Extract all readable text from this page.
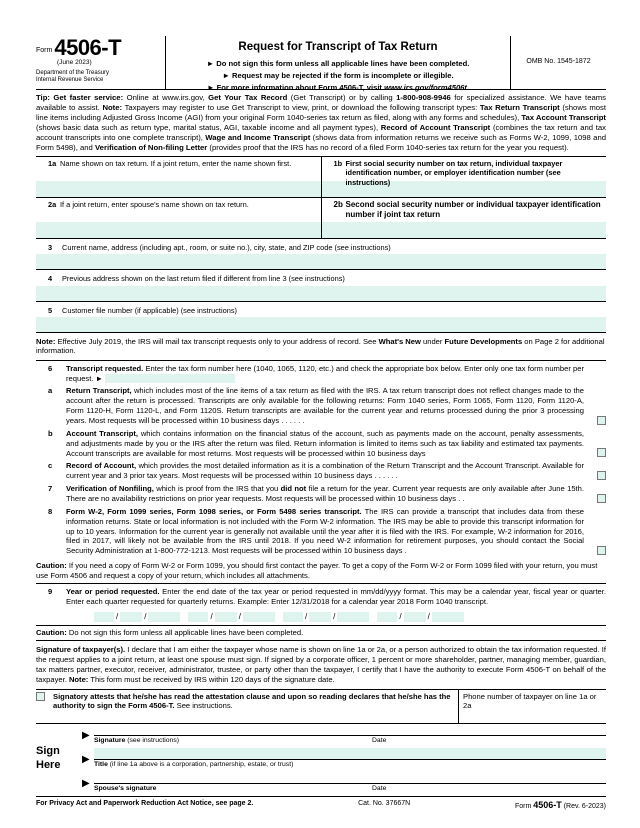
Form 4506-T
(June 2023)
Department of the Treasury
Internal Revenue Service
Request for Transcript of Tax Return
► Do not sign this form unless all applicable lines have been completed.
► Request may be rejected if the form is incomplete or illegible.
► For more information about Form 4506-T, visit www.irs.gov/form4506t.
OMB No. 1545-1872
Tip: Get faster service: Online at www.irs.gov, Get Your Tax Record (Get Transcript) or by calling 1-800-908-9946 for specialized assistance. We have teams available to assist. Note: Taxpayers may register to use Get Transcript to view, print, or download the following transcript types: Tax Return Transcript (shows most line items including Adjusted Gross Income (AGI) from your original Form 1040-series tax return as filed, along with any forms and schedules), Tax Account Transcript (shows basic data such as return type, marital status, AGI, taxable income and all payment types), Record of Account Transcript (combines the tax return and tax account transcripts into one complete transcript), Wage and Income Transcript (shows data from information returns we receive such as Forms W-2, 1099, 1098 and Form 5498), and Verification of Non-filing Letter (provides proof that the IRS has no record of a filed Form 1040-series tax return for the year you request).
1a Name shown on tax return. If a joint return, enter the name shown first.	1b First social security number on tax return, individual taxpayer identification number, or employer identification number (see instructions)
2a If a joint return, enter spouse's name shown on tax return.	2b Second social security number or individual taxpayer identification number if joint tax return
3	Current name, address (including apt., room, or suite no.), city, state, and ZIP code (see instructions)
4	Previous address shown on the last return filed if different from line 3 (see instructions)
5	Customer file number (if applicable) (see instructions)
Note: Effective July 2019, the IRS will mail tax transcript requests only to your address of record. See What's New under Future Developments on Page 2 for additional information.
6	Transcript requested. Enter the tax form number here (1040, 1065, 1120, etc.) and check the appropriate box below. Enter only one tax form number per request. ►
a	Return Transcript, which includes most of the line items of a tax return as filed with the IRS. A tax return transcript does not reflect changes made to the account after the return is processed. Transcripts are only available for the following returns: Form 1040 series, Form 1065, Form 1120, Form 1120-A, Form 1120-H, Form 1120-L, and Form 1120S. Return transcripts are available for the current year and returns processed during the prior 3 processing years. Most requests will be processed within 10 business days . . . . . .
b	Account Transcript, which contains information on the financial status of the account, such as payments made on the account, penalty assessments, and adjustments made by you or the IRS after the return was filed. Return information is limited to items such as tax liability and estimated tax payments. Account transcripts are available for most returns. Most requests will be processed within 10 business days
c	Record of Account, which provides the most detailed information as it is a combination of the Return Transcript and the Account Transcript. Available for current year and 3 prior tax years. Most requests will be processed within 10 business days . . . . . .
7	Verification of Nonfiling, which is proof from the IRS that you did not file a return for the year. Current year requests are only available after June 15th. There are no availability restrictions on prior year requests. Most requests will be processed within 10 business days . .
8	Form W-2, Form 1099 series, Form 1098 series, or Form 5498 series transcript. The IRS can provide a transcript that includes data from these information returns. State or local information is not included with the Form W-2 information. The IRS may be able to provide this transcript information for up to 10 years. Information for the current year is generally not available until the year after it is filed with the IRS. For example, W-2 information for 2016, filed in 2017, will likely not be available from the IRS until 2018. If you need W-2 information for retirement purposes, you should contact the Social Security Administration at 1-800-772-1213. Most requests will be processed within 10 business days .
Caution: If you need a copy of Form W-2 or Form 1099, you should first contact the payer. To get a copy of the Form W-2 or Form 1099 filed with your return, you must use Form 4506 and request a copy of your return, which includes all attachments.
9	Year or period requested. Enter the end date of the tax year or period requested in mm/dd/yyyy format. This may be a calendar year, fiscal year or quarter. Enter each quarter requested for quarterly returns. Example: Enter 12/31/2018 for a calendar year 2018 Form 1040 transcript.
/	/	/	/	/	/	/	/
Caution: Do not sign this form unless all applicable lines have been completed.
Signature of taxpayer(s). I declare that I am either the taxpayer whose name is shown on line 1a or 2a, or a person authorized to obtain the tax information requested. If the request applies to a joint return, at least one spouse must sign. If signed by a corporate officer, 1 percent or more shareholder, partner, managing member, guardian, tax matters partner, executor, receiver, administrator, trustee, or party other than the taxpayer, I certify that I have the authority to execute Form 4506-T on behalf of the taxpayer. Note: This form must be received by IRS within 120 days of the signature date.
Signatory attests that he/she has read the attestation clause and upon so reading declares that he/she has the authority to sign the Form 4506-T. See instructions.
Phone number of taxpayer on line 1a or 2a
Sign
Here
▶
▶
▶
Signature (see instructions)	Date
Title (if line 1a above is a corporation, partnership, estate, or trust)
Spouse's signature	Date
For Privacy Act and Paperwork Reduction Act Notice, see page 2.	Cat. No. 37667N	Form 4506-T (Rev. 6-2023)
